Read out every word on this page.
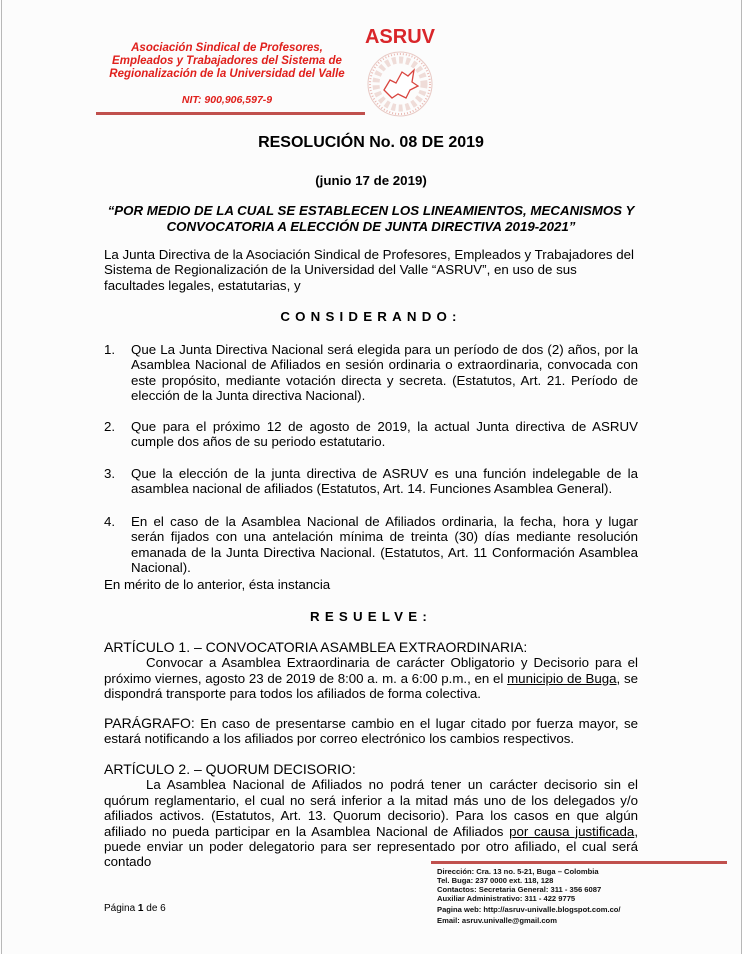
Asociación Sindical de Profesores,
Empleados y Trabajadores del Sistema de
Regionalización de la Universidad del Valle
NIT: 900,906,597-9
ASRUV
RESOLUCIÓN No. 08 DE 2019
(junio 17 de 2019)
“POR MEDIO DE LA CUAL SE ESTABLECEN LOS LINEAMIENTOS, MECANISMOS Y
CONVOCATORIA A ELECCIÓN DE JUNTA DIRECTIVA 2019-2021”
La Junta Directiva de la Asociación Sindical de Profesores, Empleados y Trabajadores del Sistema de Regionalización de la Universidad del Valle “ASRUV”, en uso de sus facultades legales, estatutarias, y
CONSIDERANDO:
1. Que La Junta Directiva Nacional será elegida para un período de dos (2) años, por la Asamblea Nacional de Afiliados en sesión ordinaria o extraordinaria, convocada con este propósito, mediante votación directa y secreta. (Estatutos, Art. 21. Período de elección de la Junta directiva Nacional).
2. Que para el próximo 12 de agosto de 2019, la actual Junta directiva de ASRUV cumple dos años de su periodo estatutario.
3. Que la elección de la junta directiva de ASRUV es una función indelegable de la asamblea nacional de afiliados (Estatutos, Art. 14. Funciones Asamblea General).
4. En el caso de la Asamblea Nacional de Afiliados ordinaria, la fecha, hora y lugar serán fijados con una antelación mínima de treinta (30) días mediante resolución emanada de la Junta Directiva Nacional. (Estatutos, Art. 11 Conformación Asamblea Nacional).
En mérito de lo anterior, ésta instancia
RESUELVE:
ARTÍCULO 1. – CONVOCATORIA ASAMBLEA EXTRAORDINARIA:
Convocar a Asamblea Extraordinaria de carácter Obligatorio y Decisorio para el próximo viernes, agosto 23 de 2019 de 8:00 a. m. a 6:00 p.m., en el municipio de Buga, se dispondrá transporte para todos los afiliados de forma colectiva.
PARÁGRAFO: En caso de presentarse cambio en el lugar citado por fuerza mayor, se estará notificando a los afiliados por correo electrónico los cambios respectivos.
ARTÍCULO 2. – QUORUM DECISORIO:
La Asamblea Nacional de Afiliados no podrá tener un carácter decisorio sin el quórum reglamentario, el cual no será inferior a la mitad más uno de los delegados y/o afiliados activos. (Estatutos, Art. 13. Quorum decisorio). Para los casos en que algún afiliado no pueda participar en la Asamblea Nacional de Afiliados por causa justificada, puede enviar un poder delegatorio para ser representado por otro afiliado, el cual será contado
Dirección: Cra. 13 no. 5-21, Buga – Colombia
Tel. Buga: 237 0000 ext. 118, 128
Contactos: Secretaria General: 311 - 356 6087
Auxiliar Administrativo: 311 - 422 9775
Pagina web: http://asruv-univalle.blogspot.com.co/
Email: asruv.univalle@gmail.com
Página 1 de 6
